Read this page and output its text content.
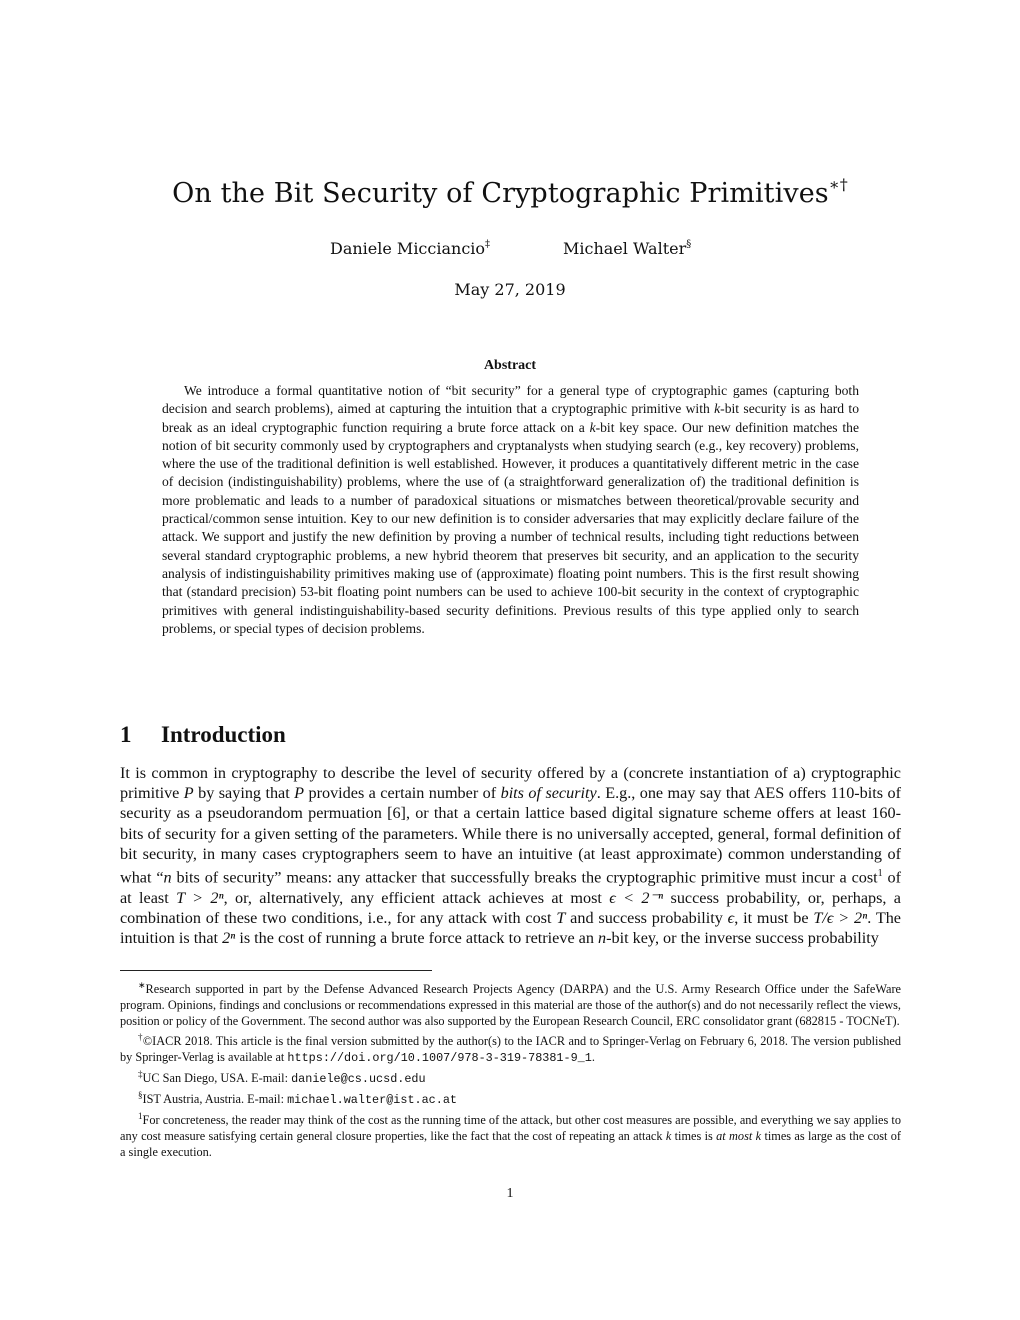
On the Bit Security of Cryptographic Primitives∗†
Daniele Micciancio‡	Michael Walter§
May 27, 2019
Abstract
We introduce a formal quantitative notion of “bit security” for a general type of cryptographic games (capturing both decision and search problems), aimed at capturing the intuition that a cryptographic primitive with k-bit security is as hard to break as an ideal cryptographic function requiring a brute force attack on a k-bit key space. Our new definition matches the notion of bit security commonly used by cryptographers and cryptanalysts when studying search (e.g., key recovery) problems, where the use of the traditional definition is well established. However, it produces a quantitatively different metric in the case of decision (indistinguishability) problems, where the use of (a straightforward generalization of) the traditional definition is more problematic and leads to a number of paradoxical situations or mismatches between theoretical/provable security and practical/common sense intuition. Key to our new definition is to consider adversaries that may explicitly declare failure of the attack. We support and justify the new definition by proving a number of technical results, including tight reductions between several standard cryptographic problems, a new hybrid theorem that preserves bit security, and an application to the security analysis of indistinguishability primitives making use of (approximate) floating point numbers. This is the first result showing that (standard precision) 53-bit floating point numbers can be used to achieve 100-bit security in the context of cryptographic primitives with general indistinguishability-based security definitions. Previous results of this type applied only to search problems, or special types of decision problems.
1 Introduction
It is common in cryptography to describe the level of security offered by a (concrete instantiation of a) cryptographic primitive P by saying that P provides a certain number of bits of security. E.g., one may say that AES offers 110-bits of security as a pseudorandom permuation [6], or that a certain lattice based digital signature scheme offers at least 160-bits of security for a given setting of the parameters. While there is no universally accepted, general, formal definition of bit security, in many cases cryptographers seem to have an intuitive (at least approximate) common understanding of what “n bits of security” means: any attacker that successfully breaks the cryptographic primitive must incur a cost$^1$ of at least T > 2ⁿ, or, alternatively, any efficient attack achieves at most ϵ < 2⁻ⁿ success probability, or, perhaps, a combination of these two conditions, i.e., for any attack with cost T and success probability ϵ, it must be T/ϵ > 2ⁿ. The intuition is that 2ⁿ is the cost of running a brute force attack to retrieve an n-bit key, or the inverse success probability
∗Research supported in part by the Defense Advanced Research Projects Agency (DARPA) and the U.S. Army Research Office under the SafeWare program. Opinions, findings and conclusions or recommendations expressed in this material are those of the author(s) and do not necessarily reflect the views, position or policy of the Government. The second author was also supported by the European Research Council, ERC consolidator grant (682815 - TOCNeT).
†©IACR 2018. This article is the final version submitted by the author(s) to the IACR and to Springer-Verlag on February 6, 2018. The version published by Springer-Verlag is available at https://doi.org/10.1007/978-3-319-78381-9_1.
‡UC San Diego, USA. E-mail: daniele@cs.ucsd.edu
§IST Austria, Austria. E-mail: michael.walter@ist.ac.at
$^1$For concreteness, the reader may think of the cost as the running time of the attack, but other cost measures are possible, and everything we say applies to any cost measure satisfying certain general closure properties, like the fact that the cost of repeating an attack k times is at most k times as large as the cost of a single execution.
1
